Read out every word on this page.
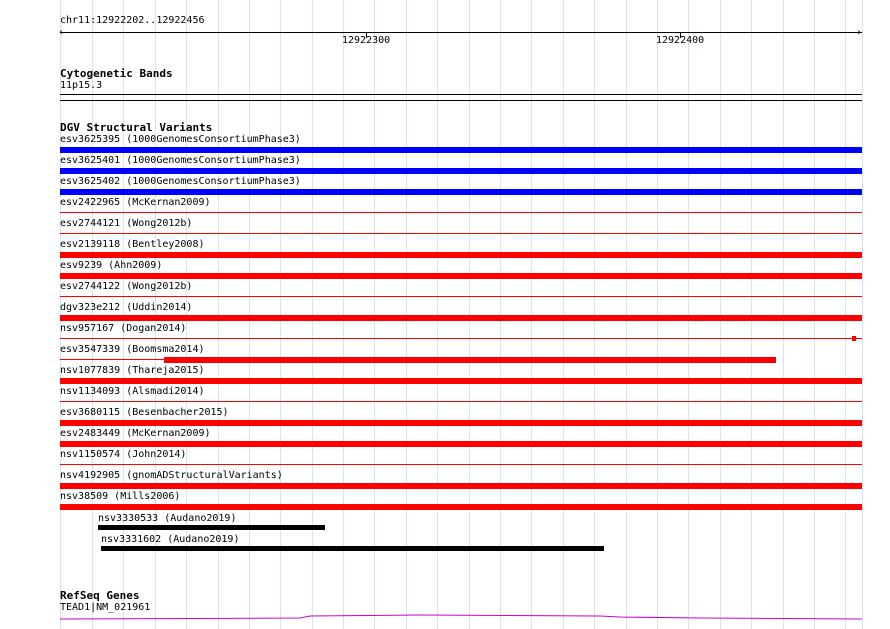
chr11:12922202..12922456
‹	›
12922300	12922400
Cytogenetic Bands
11p15.3
DGV Structural Variants
esv3625395 (1000GenomesConsortiumPhase3)
esv3625401 (1000GenomesConsortiumPhase3)
esv3625402 (1000GenomesConsortiumPhase3)
esv2422965 (McKernan2009)
esv2744121 (Wong2012b)
esv2139118 (Bentley2008)
esv9239 (Ahn2009)
esv2744122 (Wong2012b)
dgv323e212 (Uddin2014)
nsv957167 (Dogan2014)
esv3547339 (Boomsma2014)
nsv1077839 (Thareja2015)
nsv1134093 (Alsmadi2014)
esv3680115 (Besenbacher2015)
esv2483449 (McKernan2009)
nsv1150574 (John2014)
nsv4192905 (gnomADStructuralVariants)
nsv38509 (Mills2006)
nsv3330533 (Audano2019)
nsv3331602 (Audano2019)
RefSeq Genes
TEAD1|NM_021961
